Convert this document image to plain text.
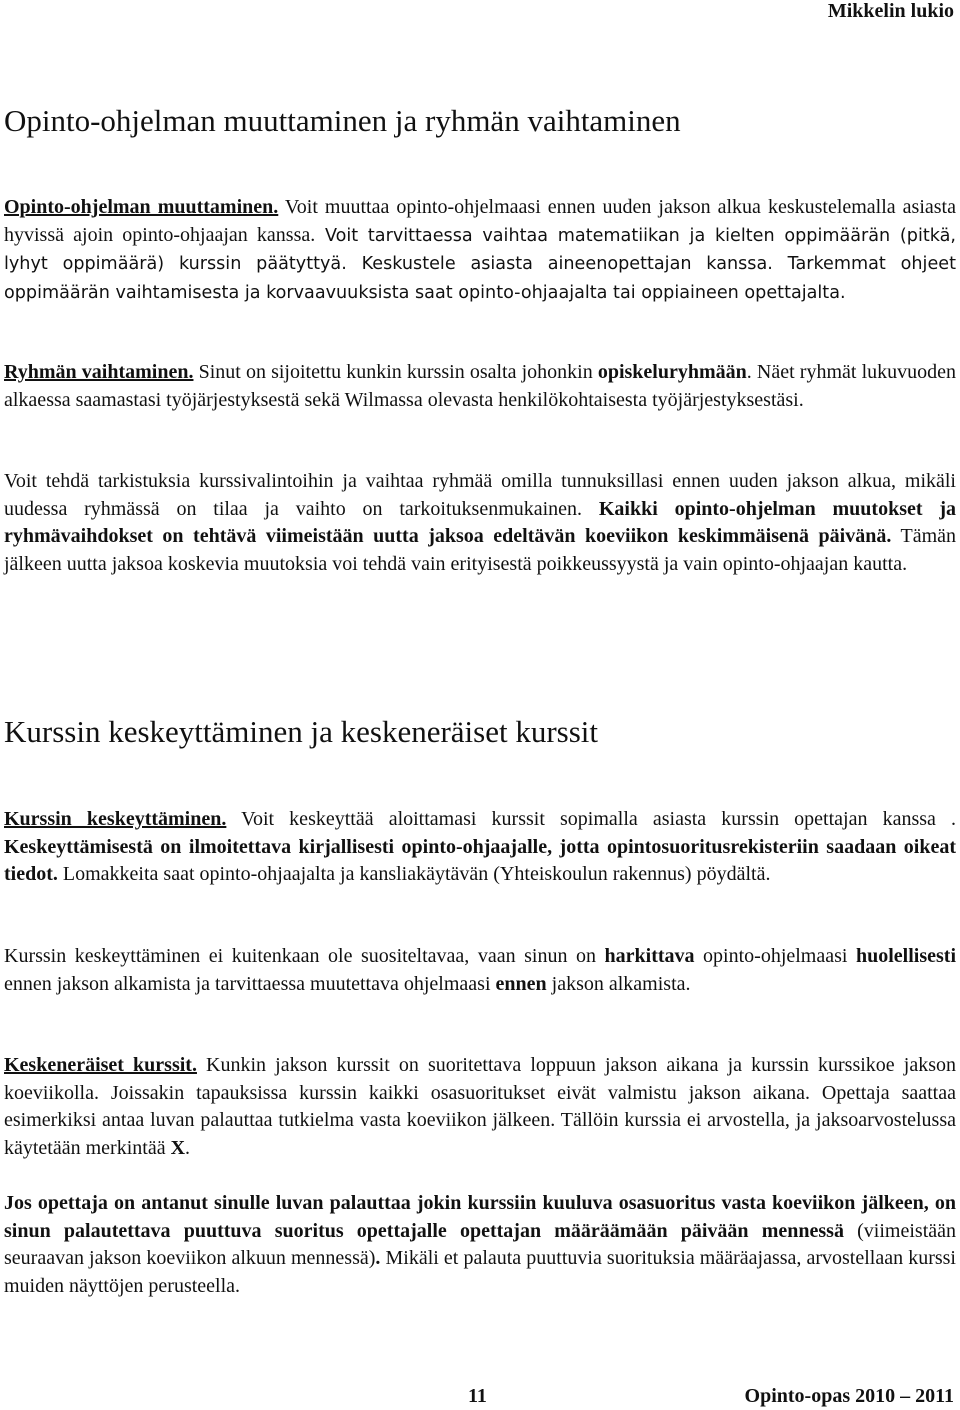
Mikkelin lukio
Opinto-ohjelman muuttaminen ja ryhmän vaihtaminen

Opinto-ohjelman muuttaminen. Voit muuttaa opinto-ohjelmaasi ennen uuden jakson alkua keskustelemalla asiasta hyvissä ajoin opinto-ohjaajan kanssa. Voit tarvittaessa vaihtaa matematiikan ja kielten oppimäärän (pitkä, lyhyt oppimäärä) kurssin päätyttyä. Keskustele asiasta aineenopettajan kanssa. Tarkemmat ohjeet oppimäärän vaihtamisesta ja korvaavuuksista saat opinto-ohjaajalta tai oppiaineen opettajalta.

Ryhmän vaihtaminen. Sinut on sijoitettu kunkin kurssin osalta johonkin opiskeluryhmään. Näet ryhmät lukuvuoden alkaessa saamastasi työjärjestyksestä sekä Wilmassa olevasta henkilökohtaisesta työjärjestyksestäsi.

Voit tehdä tarkistuksia kurssivalintoihin ja vaihtaa ryhmää omilla tunnuksillasi ennen uuden jakson alkua, mikäli uudessa ryhmässä on tilaa ja vaihto on tarkoituksenmukainen. Kaikki opinto-ohjelman muutokset ja ryhmävaihdokset on tehtävä viimeistään uutta jaksoa edeltävän koeviikon keskimmäisenä päivänä. Tämän jälkeen uutta jaksoa koskevia muutoksia voi tehdä vain erityisestä poikkeussyystä ja vain opinto-ohjaajan kautta.

Kurssin keskeyttäminen ja keskeneräiset kurssit

Kurssin keskeyttäminen. Voit keskeyttää aloittamasi kurssit sopimalla asiasta kurssin opettajan kanssa . Keskeyttämisestä on ilmoitettava kirjallisesti opinto-ohjaajalle, jotta opintosuoritusrekisteriin saadaan oikeat tiedot. Lomakkeita saat opinto-ohjaajalta ja kansliakäytävän (Yhteiskoulun rakennus) pöydältä.

Kurssin keskeyttäminen ei kuitenkaan ole suositeltavaa, vaan sinun on harkittava opinto-ohjelmaasi huolellisesti ennen jakson alkamista ja tarvittaessa muutettava ohjelmaasi ennen jakson alkamista.

Keskeneräiset kurssit. Kunkin jakson kurssit on suoritettava loppuun jakson aikana ja kurssin kurssikoe jakson koeviikolla. Joissakin tapauksissa kurssin kaikki osasuoritukset eivät valmistu jakson aikana. Opettaja saattaa esimerkiksi antaa luvan palauttaa tutkielma vasta koeviikon jälkeen. Tällöin kurssia ei arvostella, ja jaksoarvostelussa käytetään merkintää X.

Jos opettaja on antanut sinulle luvan palauttaa jokin kurssiin kuuluva osasuoritus vasta koeviikon jälkeen, on sinun palautettava puuttuva suoritus opettajalle opettajan määräämään päivään mennessä (viimeistään seuraavan jakson koeviikon alkuun mennessä). Mikäli et palauta puuttuvia suorituksia määräajassa, arvostellaan kurssi muiden näyttöjen perusteella.

11	Opinto-opas 2010 – 2011
